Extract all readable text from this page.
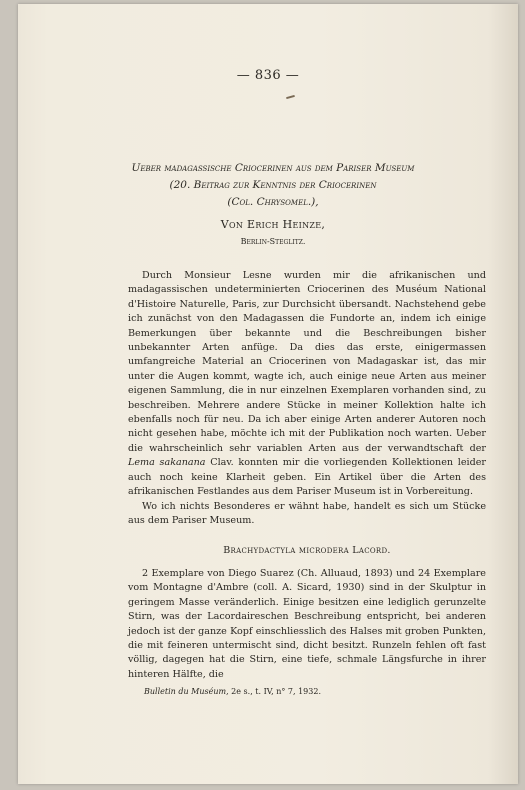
— 836 —
Ueber madagassische Criocerinen aus dem Pariser Museum
(20. Beitrag zur Kenntnis der Criocerinen
(Col. Chrysomel.),
Von Erich Heinze,
Berlin-Steglitz.

Durch Monsieur Lesne wurden mir die afrikanischen und madagassischen undeterminierten Criocerinen des Muséum National d'Histoire Naturelle, Paris, zur Durchsicht übersandt. Nachstehend gebe ich zunächst von den Madagassen die Fundorte an, indem ich einige Bemerkungen über bekannte und die Beschreibungen bisher unbekannter Arten anfüge. Da dies das erste, einigermassen umfangreiche Material an Criocerinen von Madagaskar ist, das mir unter die Augen kommt, wagte ich, auch einige neue Arten aus meiner eigenen Sammlung, die in nur einzelnen Exemplaren vorhanden sind, zu beschreiben. Mehrere andere Stücke in meiner Kollektion halte ich ebenfalls noch für neu. Da ich aber einige Arten anderer Autoren noch nicht gesehen habe, möchte ich mit der Publikation noch warten. Ueber die wahrscheinlich sehr variablen Arten aus der verwandtschaft der Lema sakanana Clav. konnten mir die vorliegenden Kollektionen leider auch noch keine Klarheit geben. Ein Artikel über die Arten des afrikanischen Festlandes aus dem Pariser Museum ist in Vorbereitung.

Wo ich nichts Besonderes er wähnt habe, handelt es sich um Stücke aus dem Pariser Museum.

Brachydactyla microdera Lacord.

2 Exemplare von Diego Suarez (Ch. Alluaud, 1893) und 24 Exemplare vom Montagne d'Ambre (coll. A. Sicard, 1930) sind in der Skulptur in geringem Masse veränderlich. Einige besitzen eine lediglich gerunzelte Stirn, was der Lacordaireschen Beschreibung entspricht, bei anderen jedoch ist der ganze Kopf einschliesslich des Halses mit groben Punkten, die mit feineren untermischt sind, dicht besitzt. Runzeln fehlen oft fast völlig, dagegen hat die Stirn, eine tiefe, schmale Längsfurche in ihrer hinteren Hälfte, die

Bulletin du Muséum, 2e s., t. IV, n° 7, 1932.
